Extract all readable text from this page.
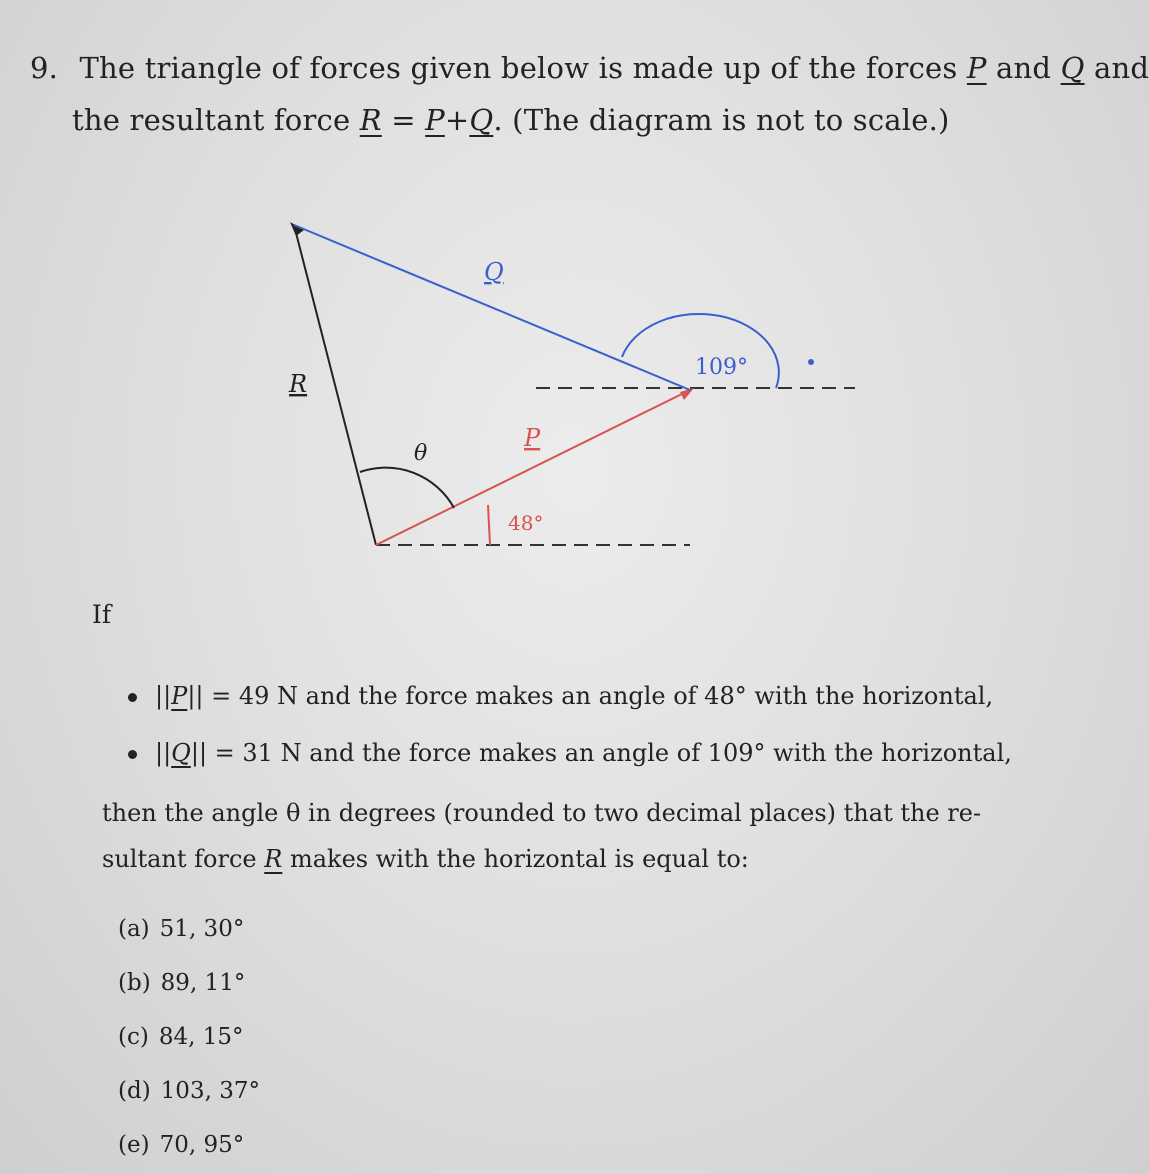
9. The triangle of forces given below is made up of the forces P and Q and
the resultant force R = P+Q. (The diagram is not to scale.)
Q
R
P
θ
109°
48°
If
||P|| = 49 N and the force makes an angle of 48° with the horizontal,
||Q|| = 31 N and the force makes an angle of 109° with the horizontal,
then the angle θ in degrees (rounded to two decimal places) that the re-
sultant force R makes with the horizontal is equal to:
(a) 51, 30°
(b) 89, 11°
(c) 84, 15°
(d) 103, 37°
(e) 70, 95°
